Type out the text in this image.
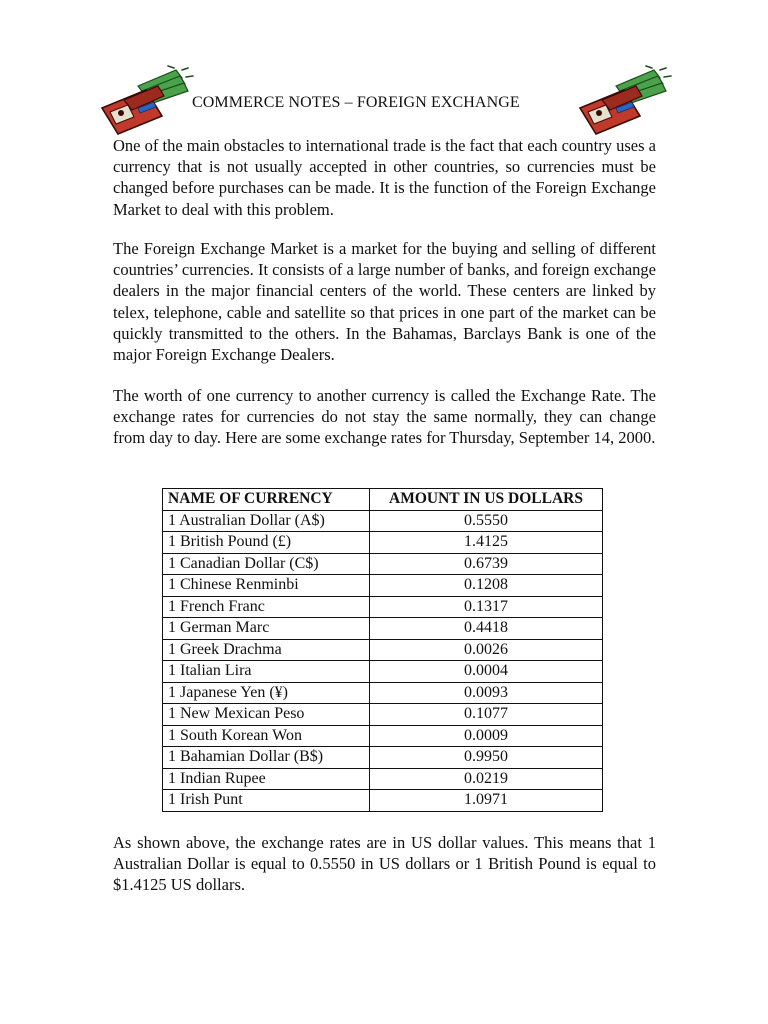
COMMERCE NOTES – FOREIGN EXCHANGE

One of the main obstacles to international trade is the fact that each country uses a currency that is not usually accepted in other countries, so currencies must be changed before purchases can be made. It is the function of the Foreign Exchange Market to deal with this problem.

The Foreign Exchange Market is a market for the buying and selling of different countries’ currencies. It consists of a large number of banks, and foreign exchange dealers in the major financial centers of the world. These centers are linked by telex, telephone, cable and satellite so that prices in one part of the market can be quickly transmitted to the others. In the Bahamas, Barclays Bank is one of the major Foreign Exchange Dealers.

The worth of one currency to another currency is called the Exchange Rate. The exchange rates for currencies do not stay the same normally, they can change from day to day. Here are some exchange rates for Thursday, September 14, 2000.

NAME OF CURRENCY	AMOUNT IN US DOLLARS
1 Australian Dollar (A$)	0.5550
1 British Pound (£)	1.4125
1 Canadian Dollar (C$)	0.6739
1 Chinese Renminbi	0.1208
1 French Franc	0.1317
1 German Marc	0.4418
1 Greek Drachma	0.0026
1 Italian Lira	0.0004
1 Japanese Yen (¥)	0.0093
1 New Mexican Peso	0.1077
1 South Korean Won	0.0009
1 Bahamian Dollar (B$)	0.9950
1 Indian Rupee	0.0219
1 Irish Punt	1.0971

As shown above, the exchange rates are in US dollar values. This means that 1 Australian Dollar is equal to 0.5550 in US dollars or 1 British Pound is equal to $1.4125 US dollars.
